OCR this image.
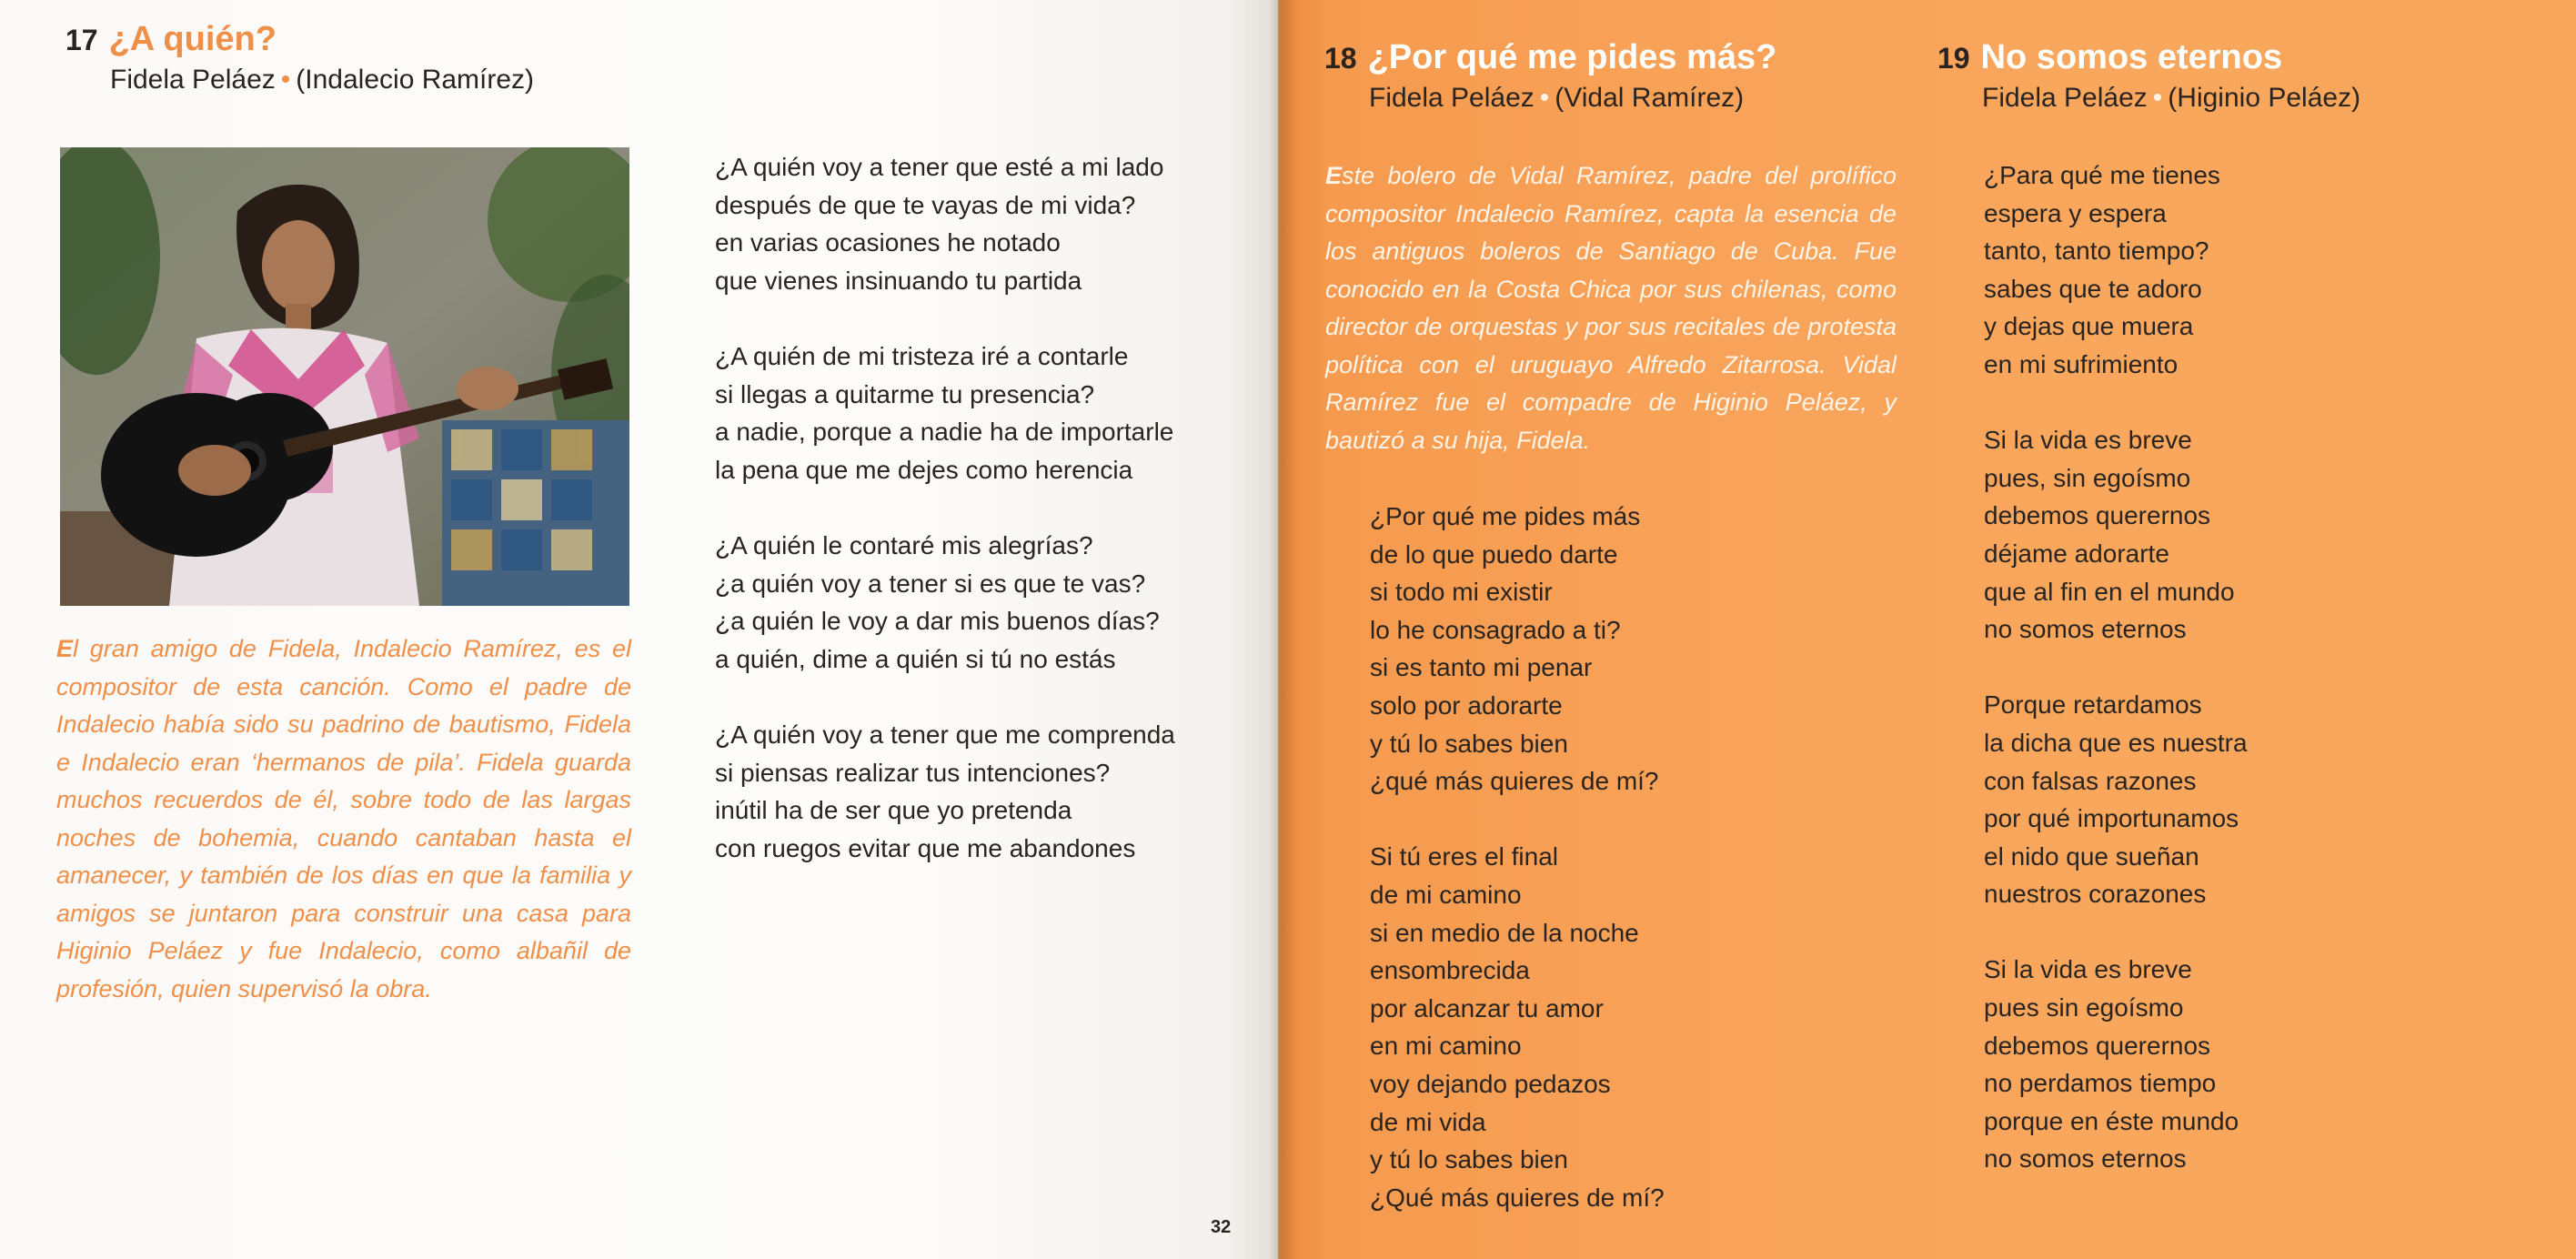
17 ¿A quién?
Fidela Peláez • (Indalecio Ramírez)
El gran amigo de Fidela, Indalecio Ramírez, es el compositor de esta canción. Como el padre de Indalecio había sido su padrino de bautismo, Fidela e Indalecio eran ‘hermanos de pila’. Fidela guarda muchos recuerdos de él, sobre todo de las largas noches de bohemia, cuando cantaban hasta el amanecer, y también de los días en que la familia y amigos se juntaron para construir una casa para Higinio Peláez y fue Indalecio, como albañil de profesión, quien supervisó la obra.
¿A quién voy a tener que esté a mi lado
después de que te vayas de mi vida?
en varias ocasiones he notado
que vienes insinuando tu partida
¿A quién de mi tristeza iré a contarle
si llegas a quitarme tu presencia?
a nadie, porque a nadie ha de importarle
la pena que me dejes como herencia
¿A quién le contaré mis alegrías?
¿a quién voy a tener si es que te vas?
¿a quién le voy a dar mis buenos días?
a quién, dime a quién si tú no estás
¿A quién voy a tener que me comprenda
si piensas realizar tus intenciones?
inútil ha de ser que yo pretenda
con ruegos evitar que me abandones
32
18 ¿Por qué me pides más?
Fidela Peláez • (Vidal Ramírez)
Este bolero de Vidal Ramírez, padre del prolífico compositor Indalecio Ramírez, capta la esencia de los antiguos boleros de Santiago de Cuba. Fue conocido en la Costa Chica por sus chilenas, como director de orquestas y por sus recitales de protesta política con el uruguayo Alfredo Zitarrosa. Vidal Ramírez fue el compadre de Higinio Peláez, y bautizó a su hija, Fidela.
¿Por qué me pides más
de lo que puedo darte
si todo mi existir
lo he consagrado a ti?
si es tanto mi penar
solo por adorarte
y tú lo sabes bien
¿qué más quieres de mí?
Si tú eres el final
de mi camino
si en medio de la noche
ensombrecida
por alcanzar tu amor
en mi camino
voy dejando pedazos
de mi vida
y tú lo sabes bien
¿Qué más quieres de mí?
19 No somos eternos
Fidela Peláez • (Higinio Peláez)
¿Para qué me tienes
espera y espera
tanto, tanto tiempo?
sabes que te adoro
y dejas que muera
en mi sufrimiento
Si la vida es breve
pues, sin egoísmo
debemos querernos
déjame adorarte
que al fin en el mundo
no somos eternos
Porque retardamos
la dicha que es nuestra
con falsas razones
por qué importunamos
el nido que sueñan
nuestros corazones
Si la vida es breve
pues sin egoísmo
debemos querernos
no perdamos tiempo
porque en éste mundo
no somos eternos
